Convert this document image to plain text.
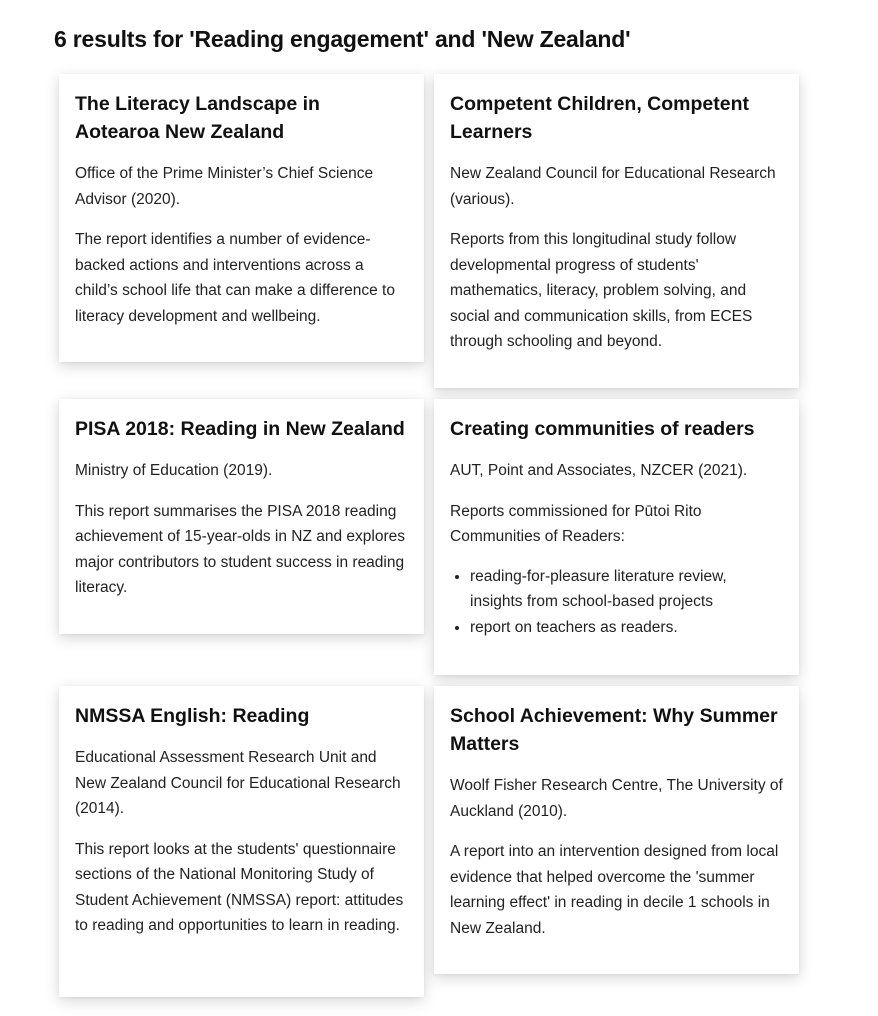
6 results for 'Reading engagement' and 'New Zealand'
The Literacy Landscape in Aotearoa New Zealand

Office of the Prime Minister’s Chief Science Advisor (2020).

The report identifies a number of evidence-backed actions and interventions across a child’s school life that can make a difference to literacy development and wellbeing.

Competent Children, Competent Learners

New Zealand Council for Educational Research (various).

Reports from this longitudinal study follow developmental progress of students' mathematics, literacy, problem solving, and social and communication skills, from ECES through schooling and beyond.

PISA 2018: Reading in New Zealand

Ministry of Education (2019).

This report summarises the PISA 2018 reading achievement of 15-year-olds in NZ and explores major contributors to student success in reading literacy.

Creating communities of readers

AUT, Point and Associates, NZCER (2021).

Reports commissioned for Pūtoi Rito Communities of Readers:

• reading-for-pleasure literature review, insights from school-based projects
• report on teachers as readers.
NMSSA English: Reading

Educational Assessment Research Unit and New Zealand Council for Educational Research (2014).

This report looks at the students' questionnaire sections of the National Monitoring Study of Student Achievement (NMSSA) report: attitudes to reading and opportunities to learn in reading.

School Achievement: Why Summer Matters

Woolf Fisher Research Centre, The University of Auckland (2010).

A report into an intervention designed from local evidence that helped overcome the 'summer learning effect' in reading in decile 1 schools in New Zealand.
